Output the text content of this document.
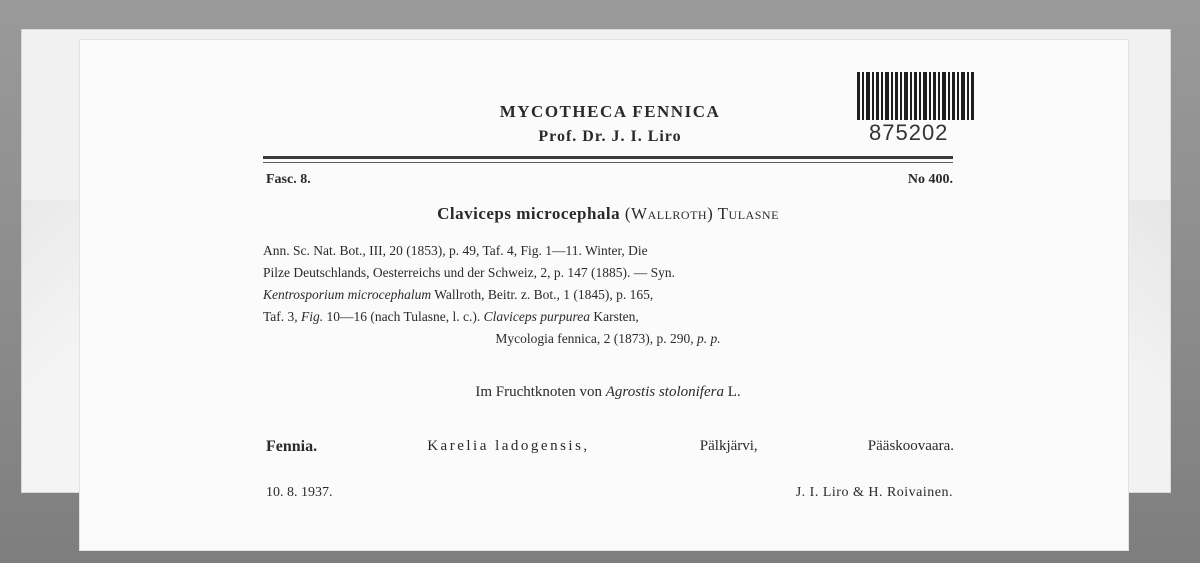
875202
MYCOTHECA FENNICA
Prof. Dr. J. I. Liro
Fasc. 8.	No 400.
Claviceps microcephala (Wallroth) Tulasne
Ann. Sc. Nat. Bot., III, 20 (1853), p. 49, Taf. 4, Fig. 1—11. Winter, Die
Pilze Deutschlands, Oesterreichs und der Schweiz, 2, p. 147 (1885). — Syn.
Kentrosporium microcephalum Wallroth, Beitr. z. Bot., 1 (1845), p. 165,
Taf. 3, Fig. 10—16 (nach Tulasne, l. c.). Claviceps purpurea Karsten,
Mycologia fennica, 2 (1873), p. 290, p. p.
Im Fruchtknoten von Agrostis stolonifera L.
Fennia.	Karelia ladogensis,	Pälkjärvi,	Pääskoovaara.
10. 8. 1937.	J. I. Liro & H. Roivainen.
